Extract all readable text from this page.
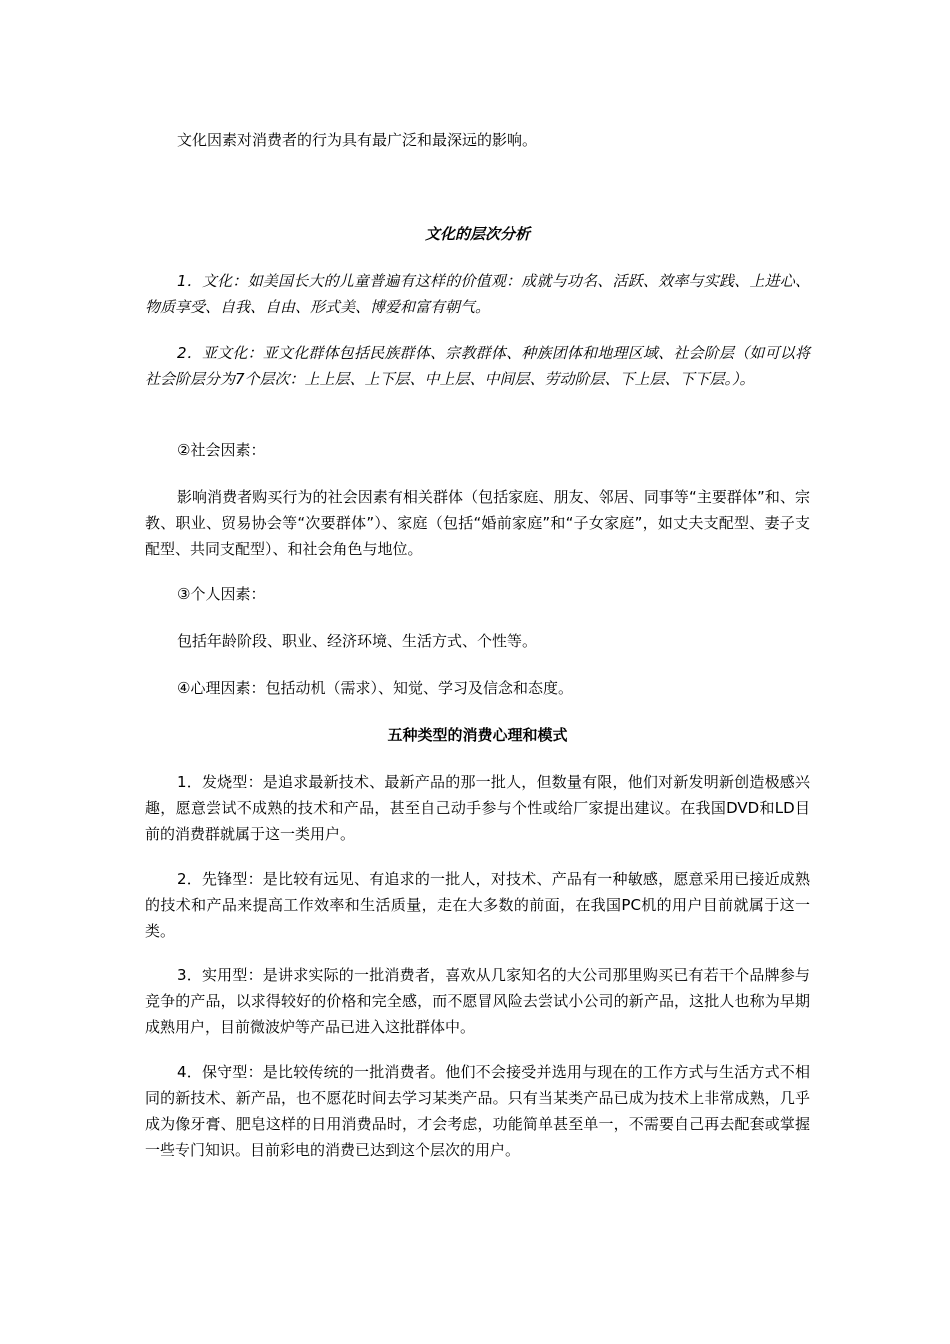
文化因素对消费者的行为具有最广泛和最深远的影响。

文化的层次分析

1．文化：如美国长大的儿童普遍有这样的价值观：成就与功名、活跃、效率与实践、上进心、物质享受、自我、自由、形式美、博爱和富有朝气。

2．亚文化：亚文化群体包括民族群体、宗教群体、种族团体和地理区域、社会阶层（如可以将社会阶层分为7个层次：上上层、上下层、中上层、中间层、劳动阶层、下上层、下下层。）。

②社会因素：

影响消费者购买行为的社会因素有相关群体（包括家庭、朋友、邻居、同事等“主要群体”和、宗教、职业、贸易协会等“次要群体”）、家庭（包括“婚前家庭”和“子女家庭”，如丈夫支配型、妻子支配型、共同支配型）、和社会角色与地位。

③个人因素：

包括年龄阶段、职业、经济环境、生活方式、个性等。

④心理因素：包括动机（需求）、知觉、学习及信念和态度。

五种类型的消费心理和模式

1．发烧型：是追求最新技术、最新产品的那一批人，但数量有限，他们对新发明新创造极感兴趣，愿意尝试不成熟的技术和产品，甚至自己动手参与个性或给厂家提出建议。在我国DVD和LD目前的消费群就属于这一类用户。

2．先锋型：是比较有远见、有追求的一批人，对技术、产品有一种敏感，愿意采用已接近成熟的技术和产品来提高工作效率和生活质量，走在大多数的前面，在我国PC机的用户目前就属于这一类。

3．实用型：是讲求实际的一批消费者，喜欢从几家知名的大公司那里购买已有若干个品牌参与竞争的产品，以求得较好的价格和完全感，而不愿冒风险去尝试小公司的新产品，这批人也称为早期成熟用户，目前微波炉等产品已进入这批群体中。

4．保守型：是比较传统的一批消费者。他们不会接受并选用与现在的工作方式与生活方式不相同的新技术、新产品，也不愿花时间去学习某类产品。只有当某类产品已成为技术上非常成熟，几乎成为像牙膏、肥皂这样的日用消费品时，才会考虑，功能简单甚至单一，不需要自己再去配套或掌握一些专门知识。目前彩电的消费已达到这个层次的用户。
